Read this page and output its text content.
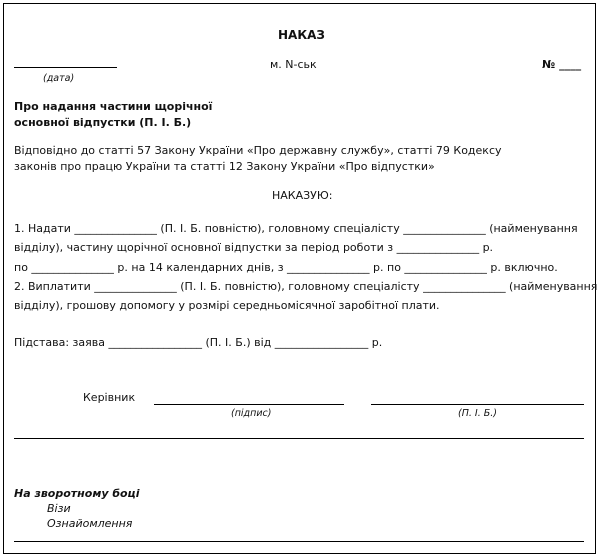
НАКАЗ
(дата)
м. N-ськ	№ ____
Про надання частини щорічної
основної відпустки (П. І. Б.)
Відповідно до статті 57 Закону України «Про державну службу», статті 79 Кодексу
законів про працю України та статті 12 Закону України «Про відпустки»
НАКАЗУЮ:
1. Надати _______________ (П. І. Б. повністю), головному спеціалісту _______________ (найменування
відділу), частину щорічної основної відпустки за період роботи з _______________ р.
по _______________ р. на 14 календарних днів, з _______________ р. по _______________ р. включно.
2. Виплатити _______________ (П. І. Б. повністю), головному спеціалісту _______________ (найменування
відділу), грошову допомогу у розмірі середньомісячної заробітної плати.
Підстава: заява _________________ (П. І. Б.) від _________________ р.
Керівник
(підпис)	(П. І. Б.)
На зворотному боці
Візи
Ознайомлення
